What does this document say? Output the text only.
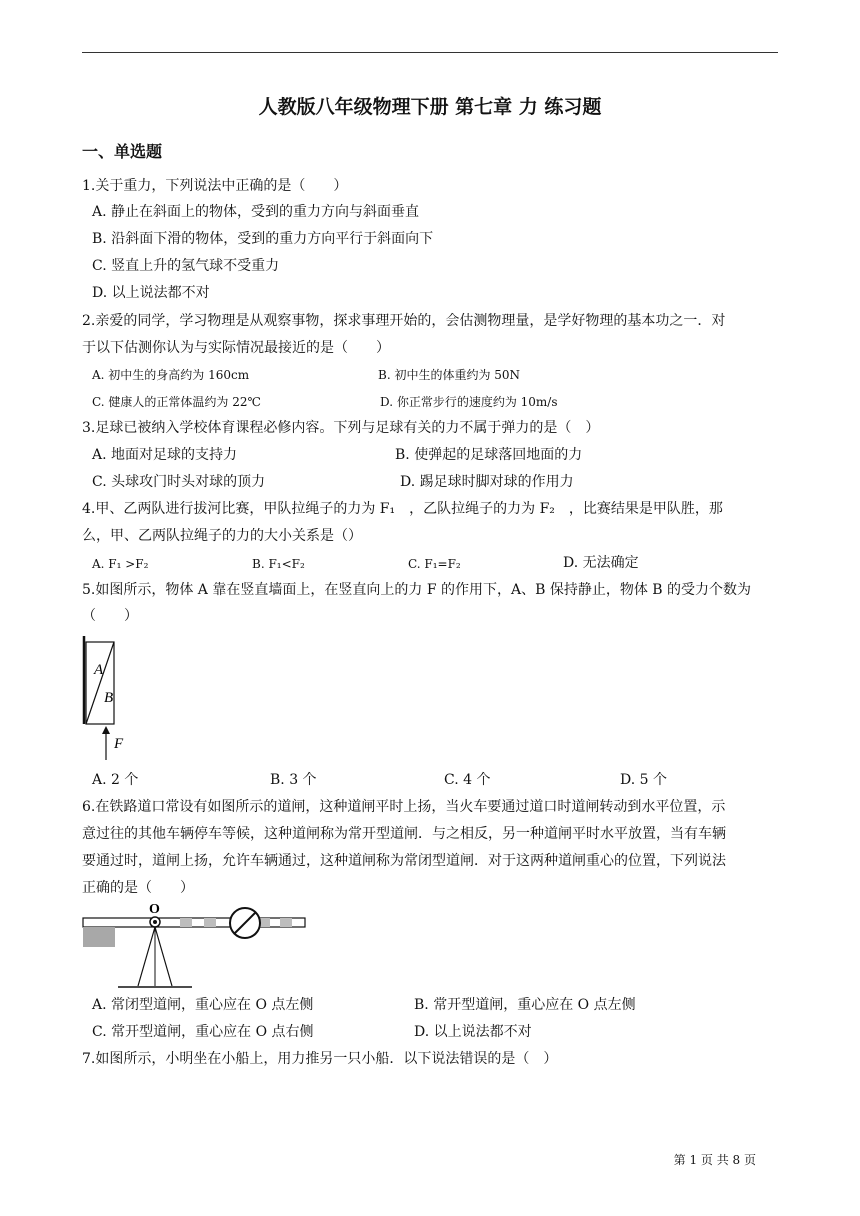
人教版八年级物理下册 第七章 力 练习题
一、单选题
1.关于重力，下列说法中正确的是（　　）
A. 静止在斜面上的物体，受到的重力方向与斜面垂直
B. 沿斜面下滑的物体，受到的重力方向平行于斜面向下
C. 竖直上升的氢气球不受重力
D. 以上说法都不对
2.亲爱的同学，学习物理是从观察事物，探求事理开始的，会估测物理量，是学好物理的基本功之一．对
于以下估测你认为与实际情况最接近的是（　　）
A. 初中生的身高约为 160cm	B. 初中生的体重约为 50N
C. 健康人的正常体温约为 22℃	D. 你正常步行的速度约为 10m/s
3.足球已被纳入学校体育课程必修内容。下列与足球有关的力不属于弹力的是（　）
A. 地面对足球的支持力	B. 使弹起的足球落回地面的力
C. 头球攻门时头对球的顶力	D. 踢足球时脚对球的作用力
4.甲、乙两队进行拔河比赛，甲队拉绳子的力为 F₁　，乙队拉绳子的力为 F₂　，比赛结果是甲队胜，那
么，甲、乙两队拉绳子的力的大小关系是（）
A. F₁ >F₂	B. F₁<F₂	C. F₁=F₂	D. 无法确定
5.如图所示，物体 A 靠在竖直墙面上，在竖直向上的力 F 的作用下，A、B 保持静止，物体 B 的受力个数为
（　　）
A
B
F
A. 2 个	B. 3 个	C. 4 个	D. 5 个
6.在铁路道口常设有如图所示的道闸，这种道闸平时上扬，当火车要通过道口时道闸转动到水平位置，示
意过往的其他车辆停车等候，这种道闸称为常开型道闸．与之相反，另一种道闸平时水平放置，当有车辆
要通过时，道闸上扬，允许车辆通过，这种道闸称为常闭型道闸．对于这两种道闸重心的位置，下列说法
正确的是（　　）
O
A. 常闭型道闸，重心应在 O 点左侧	B. 常开型道闸，重心应在 O 点左侧
C. 常开型道闸，重心应在 O 点右侧	D. 以上说法都不对
7.如图所示，小明坐在小船上，用力推另一只小船．以下说法错误的是（　）
第 1 页 共 8 页
